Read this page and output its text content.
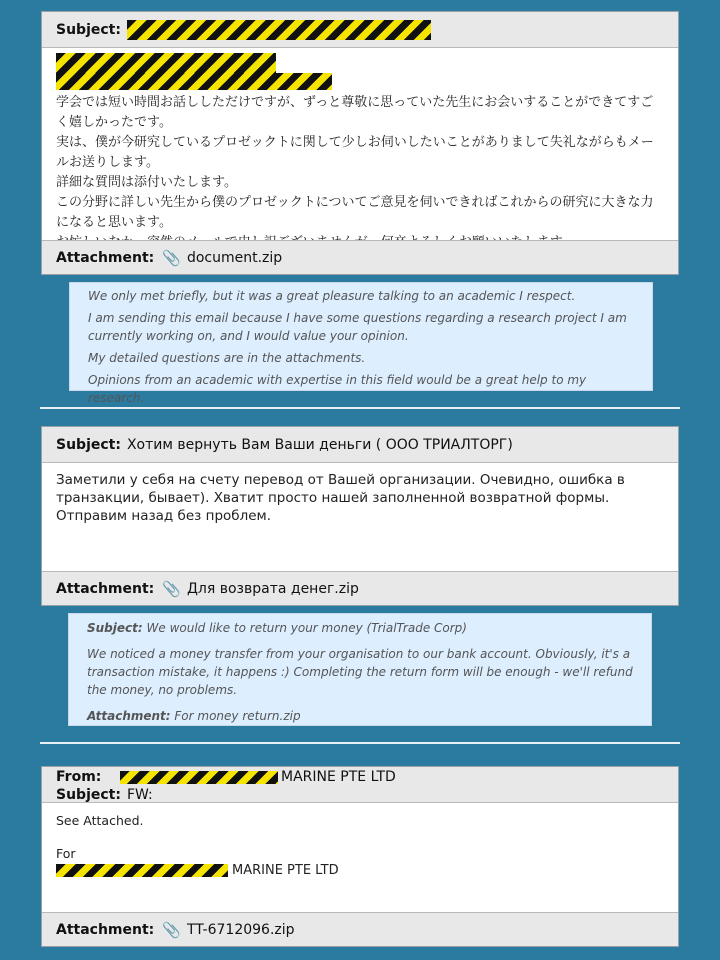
Subject:
学会では短い時間お話ししただけですが、ずっと尊敬に思っていた先生にお会いすることができてすごく嬉しかったです。
実は、僕が今研究しているプロゼックトに関して少しお伺いしたいことがありまして失礼ながらもメールお送りします。
詳細な質問は添付いたします。
この分野に詳しい先生から僕のプロゼックトについてご意見を伺いできればこれからの研究に大きな力になると思います。
Attachment: 📎 document.zip

We only met briefly, but it was a great pleasure talking to an academic I respect.

I am sending this email because I have some questions regarding a research project I am currently working on, and I would value your opinion.

My detailed questions are in the attachments.

Opinions from an academic with expertise in this field would be a great help to my research.

Subject: Хотим вернуть Вам Ваши деньги ( ООО ТРИАЛТОРГ)
Заметили у себя на счету перевод от Вашей организации. Очевидно, ошибка в транзакции, бывает). Хватит просто нашей заполненной возвратной формы. Отправим назад без проблем.
Attachment: 📎 Для возврата денег.zip

Subject: We would like to return your money (TrialTrade Corp)

We noticed a money transfer from your organisation to our bank account. Obviously, it's a transaction mistake, it happens :) Completing the return form will be enough - we'll refund the money, no problems.

Attachment: For money return.zip

From:	MARINE PTE LTD
Subject: FW:
See Attached.
For
MARINE PTE LTD
Attachment: 📎 TT-6712096.zip
